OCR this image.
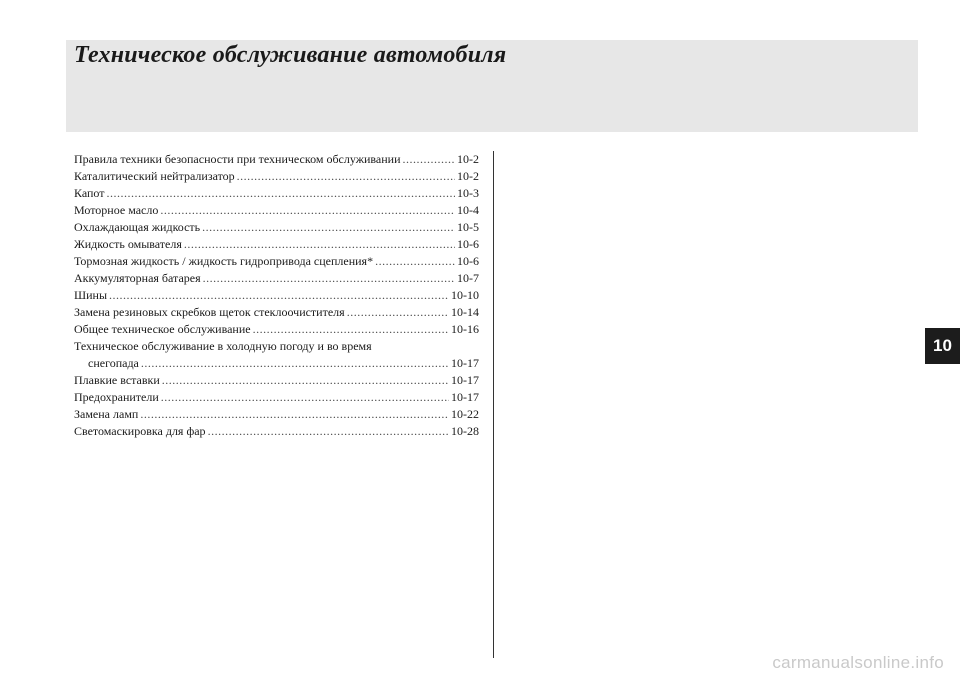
Техническое обслуживание автомобиля
Правила техники безопасности при техническом обслуживании .....	10-2
Каталитический нейтрализатор .....	10-2
Капот .....	10-3
Моторное масло .....	10-4
Охлаждающая жидкость .....	10-5
Жидкость омывателя .....	10-6
Тормозная жидкость / жидкость гидропривода сцепления* .....	10-6
Аккумуляторная батарея .....	10-7
Шины .....	10-10
Замена резиновых скребков щеток стеклоочистителя .....	10-14
Общее техническое обслуживание .....	10-16
Техническое обслуживание в холодную погоду и во время
снегопада .....	10-17
Плавкие вставки .....	10-17
Предохранители .....	10-17
Замена ламп .....	10-22
Светомаскировка для фар .....	10-28
10
carmanualsonline.info
